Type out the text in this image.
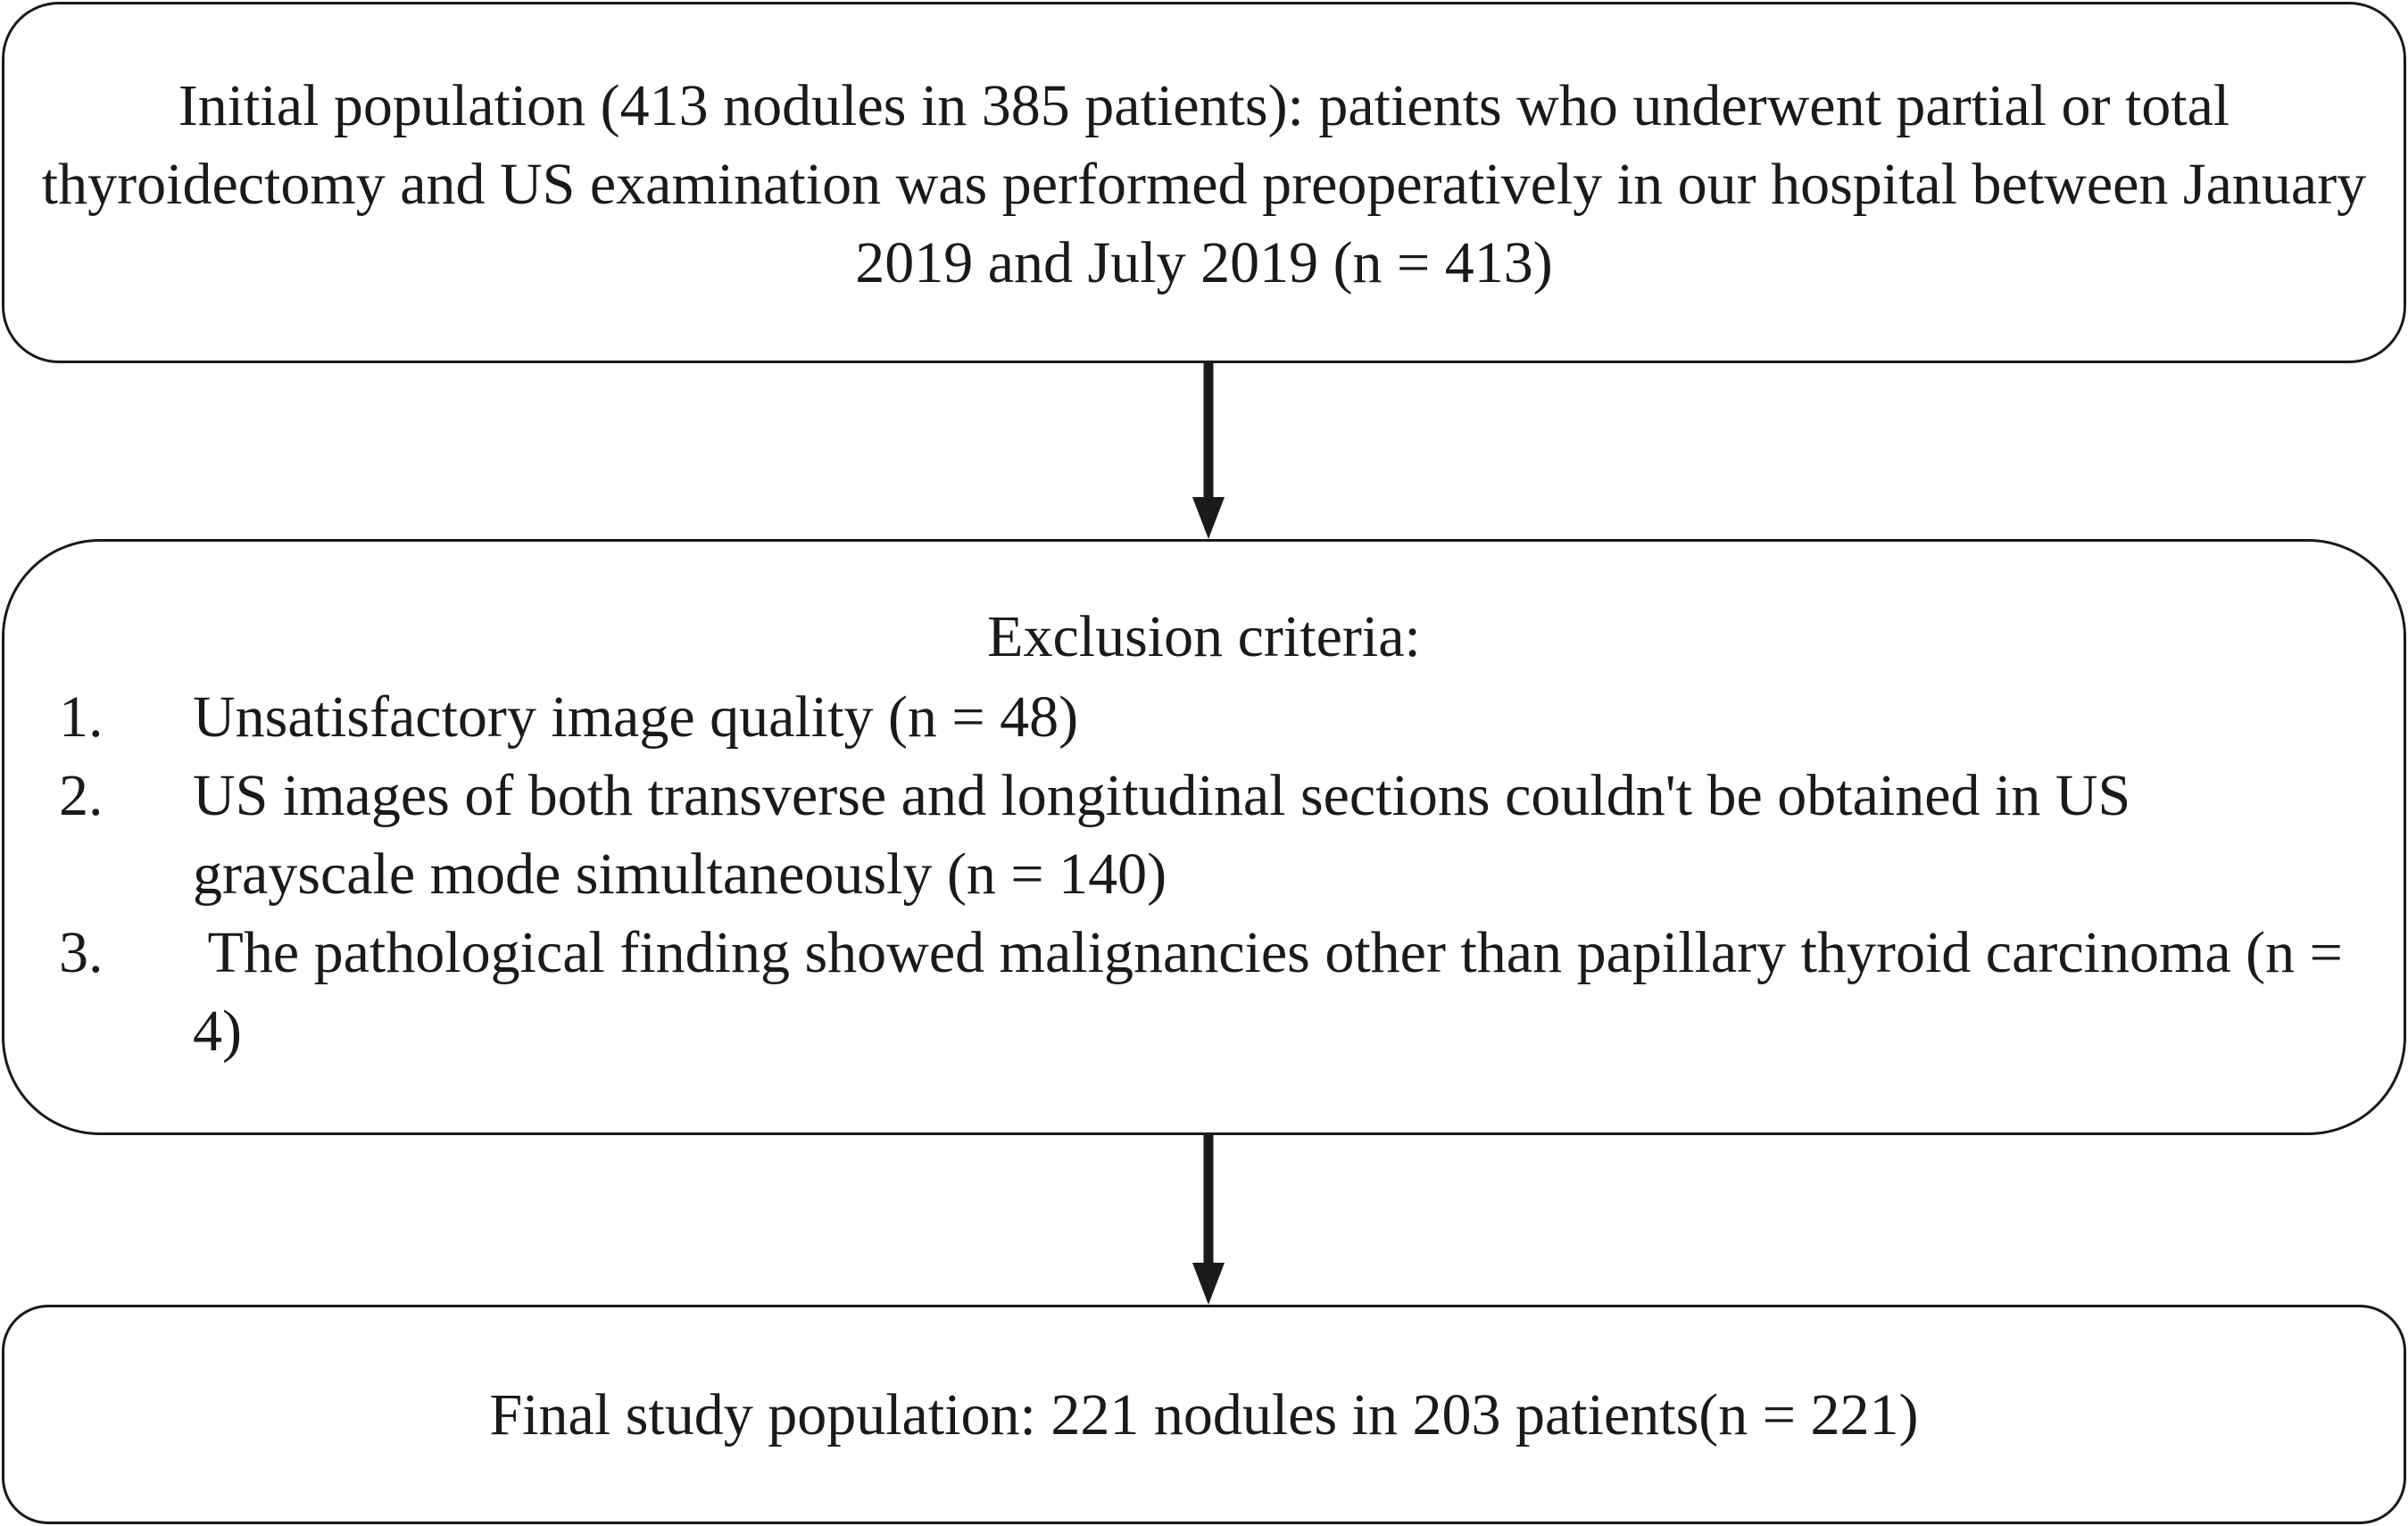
Initial population (413 nodules in 385 patients): patients who underwent partial or total thyroidectomy and US examination was performed preoperatively in our hospital between January 2019 and July 2019 (n = 413)
Exclusion criteria:
1. Unsatisfactory image quality (n = 48)
2. US images of both transverse and longitudinal sections couldn't be obtained in US grayscale mode simultaneously (n = 140)
3. The pathological finding showed malignancies other than papillary thyroid carcinoma (n = 4)
Final study population: 221 nodules in 203 patients(n = 221)
